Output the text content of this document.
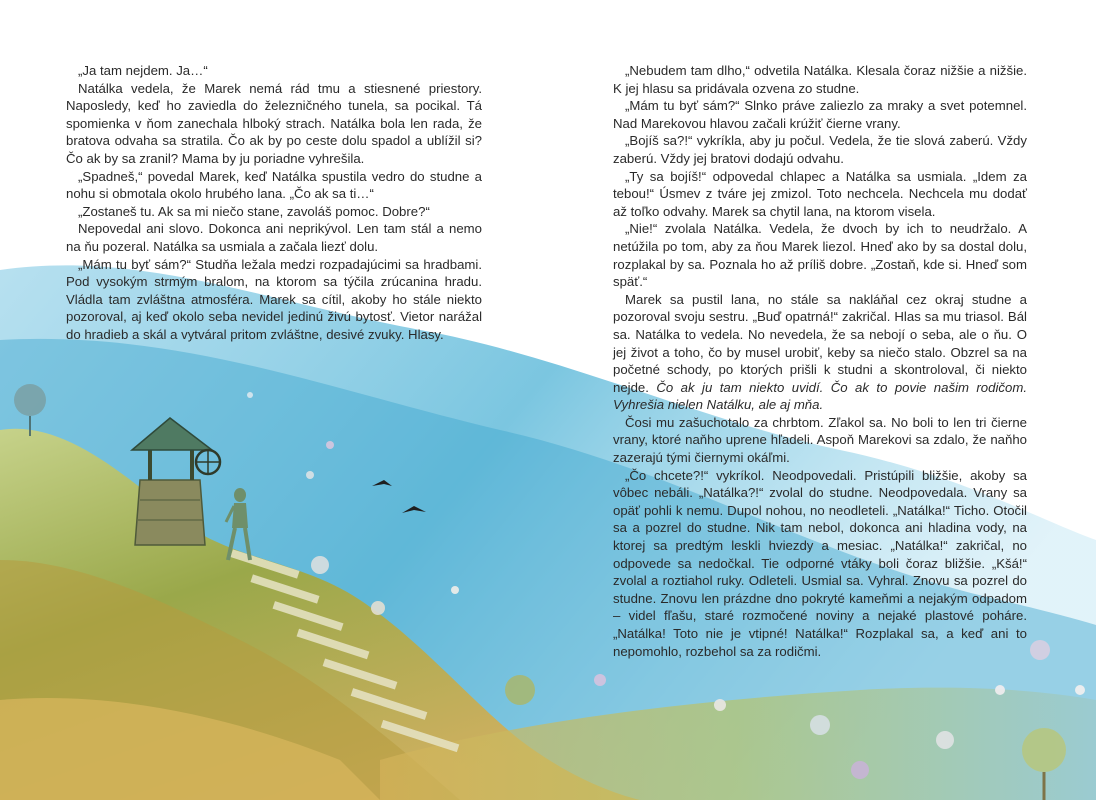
„Ja tam nejdem. Ja…“

Natálka vedela, že Marek nemá rád tmu a stiesnené priestory. Naposledy, keď ho zaviedla do železničného tunela, sa pocikal. Tá spomienka v ňom zanechala hlboký strach. Natálka bola len rada, že bratova odvaha sa stratila. Čo ak by po ceste dolu spadol a ublížil si? Čo ak by sa zranil? Mama by ju poriadne vyhrešila.

„Spadneš,“ povedal Marek, keď Natálka spustila vedro do studne a nohu si obmotala okolo hrubého lana. „Čo ak sa ti…“

„Zostaneš tu. Ak sa mi niečo stane, zavoláš pomoc. Dobre?“

Nepovedal ani slovo. Dokonca ani neprikývol. Len tam stál a nemo na ňu pozeral. Natálka sa usmiala a začala liezť dolu.

„Mám tu byť sám?“ Studňa ležala medzi rozpadajúcimi sa hradbami. Pod vysokým strmým bralom, na ktorom sa týčila zrúcanina hradu. Vládla tam zvláštna atmosféra. Marek sa cítil, akoby ho stále niekto pozoroval, aj keď okolo seba nevidel jedinú živú bytosť. Vietor narážal do hradieb a skál a vytváral pritom zvláštne, desivé zvuky. Hlasy.

„Nebudem tam dlho,“ odvetila Natálka. Klesala čoraz nižšie a nižšie. K jej hlasu sa pridávala ozvena zo studne.

„Mám tu byť sám?“ Slnko práve zaliezlo za mraky a svet potemnel. Nad Marekovou hlavou začali krúžiť čierne vrany.

„Bojíš sa?!“ vykríkla, aby ju počul. Vedela, že tie slová zaberú. Vždy zaberú. Vždy jej bratovi dodajú odvahu.

„Ty sa bojíš!“ odpovedal chlapec a Natálka sa usmiala. „Idem za tebou!“ Úsmev z tváre jej zmizol. Toto nechcela. Nechcela mu dodať až toľko odvahy. Marek sa chytil lana, na ktorom visela.

„Nie!“ zvolala Natálka. Vedela, že dvoch by ich to neudržalo. A netúžila po tom, aby za ňou Marek liezol. Hneď ako by sa dostal dolu, rozplakal by sa. Poznala ho až príliš dobre. „Zostaň, kde si. Hneď som späť.“

Marek sa pustil lana, no stále sa nakláňal cez okraj studne a pozoroval svoju sestru. „Buď opatrná!“ zakričal. Hlas sa mu triasol. Bál sa. Natálka to vedela. No nevedela, že sa nebojí o seba, ale o ňu. O jej život a toho, čo by musel urobiť, keby sa niečo stalo. Obzrel sa na početné schody, po ktorých prišli k studni a skontroloval, či niekto nejde. Čo ak ju tam niekto uvidí. Čo ak to povie našim rodičom. Vyhrešia nielen Natálku, ale aj mňa.

Čosi mu zašuchotalo za chrbtom. Zľakol sa. No boli to len tri čierne vrany, ktoré naňho uprene hľadeli. Aspoň Marekovi sa zdalo, že naňho zazerajú tými čiernymi okáľmi.

„Čo chcete?!“ vykríkol. Neodpovedali. Pristúpili bližšie, akoby sa vôbec nebáli. „Natálka?!“ zvolal do studne. Neodpovedala. Vrany sa opäť pohli k nemu. Dupol nohou, no neodleteli. „Natálka!“ Ticho. Otočil sa a pozrel do studne. Nik tam nebol, dokonca ani hladina vody, na ktorej sa predtým leskli hviezdy a mesiac. „Natálka!“ zakričal, no odpovede sa nedočkal. Tie odporné vtáky boli čoraz bližšie. „Kšá!“ zvolal a roztiahol ruky. Odleteli. Usmial sa. Vyhral. Znovu sa pozrel do studne. Znovu len prázdne dno pokryté kameňmi a nejakým odpadom – videl fľašu, staré rozmočené noviny a nejaké plastové poháre. „Natálka! Toto nie je vtipné! Natálka!“ Rozplakal sa, a keď ani to nepomohlo, rozbehol sa za rodičmi.
